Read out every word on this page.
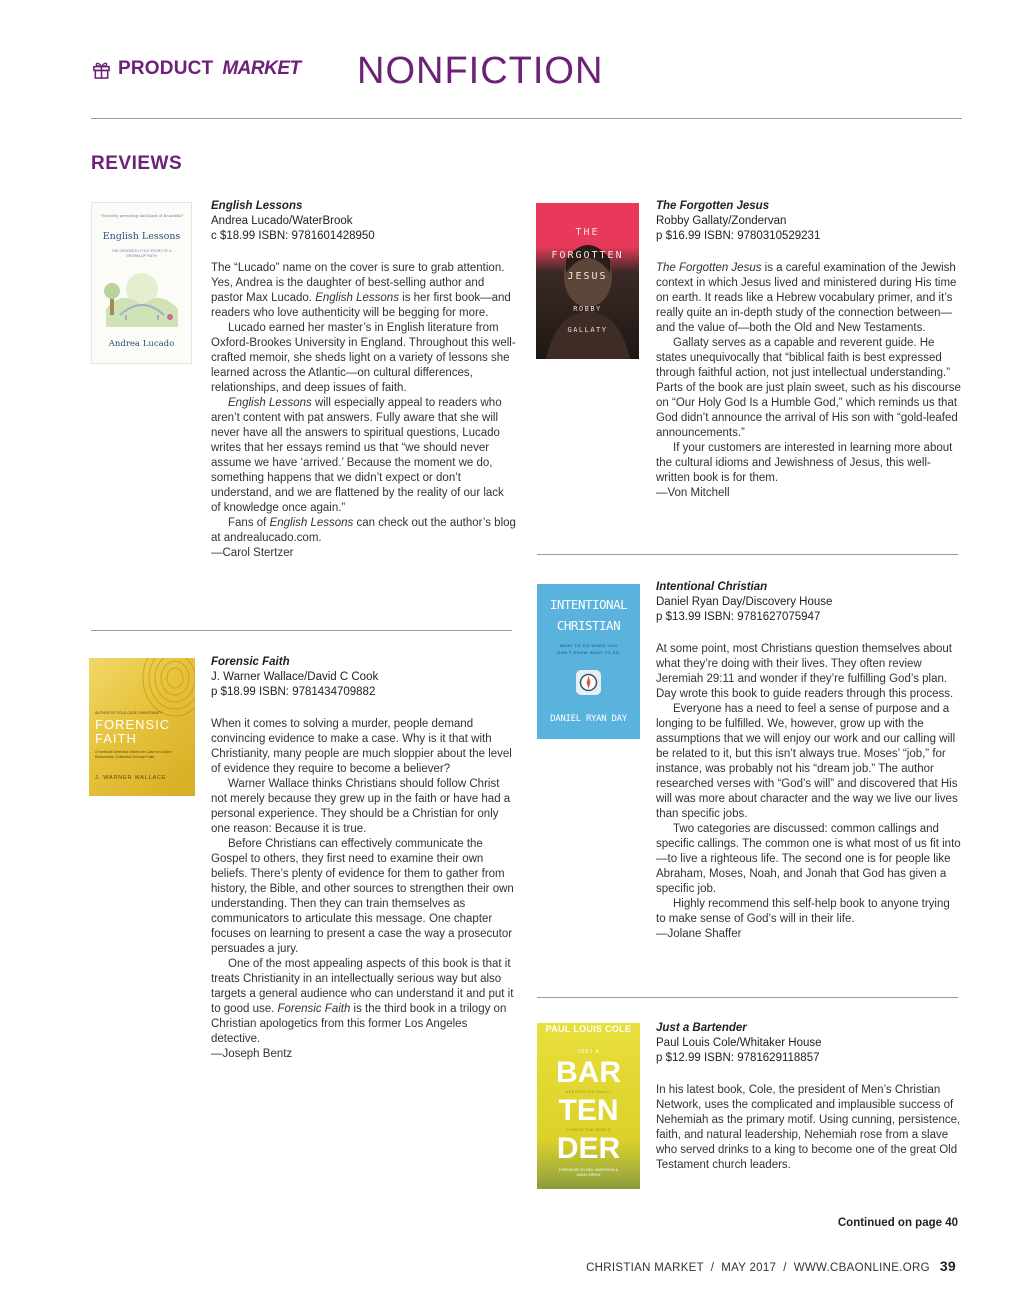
PRODUCT MARKET NONFICTION
REVIEWS
"Sweetly arresting and kind of beautiful"
English Lessons
THE CROOKED LITTLE STORY OF A GROWN-UP FAITH
Andrea Lucado
English Lessons
Andrea Lucado/WaterBrook
c $18.99 ISBN: 9781601428950

The “Lucado” name on the cover is sure to grab attention. Yes, Andrea is the daughter of best-selling author and pastor Max Lucado. English Lessons is her first book—and readers who love authenticity will be begging for more.

Lucado earned her master’s in English literature from Oxford-Brookes University in England. Throughout this well-crafted memoir, she sheds light on a variety of lessons she learned across the Atlantic—on cultural differences, relationships, and deep issues of faith.

English Lessons will especially appeal to readers who aren’t content with pat answers. Fully aware that she will never have all the answers to spiritual questions, Lucado writes that her essays remind us that “we should never assume we have ‘arrived.’ Because the moment we do, something happens that we didn’t expect or don’t understand, and we are flattened by the reality of our lack of knowledge once again.”

Fans of English Lessons can check out the author’s blog at andrealucado.com.

—Carol Stertzer

AUTHOR OF COLD-CASE CHRISTIANITY
FORENSIC
FAITH
A Homicide Detective Makes the Case for a More Reasonable, Evidential Christian Faith
J. WARNER WALLACE
Forensic Faith
J. Warner Wallace/David C Cook
p $18.99 ISBN: 9781434709882

When it comes to solving a murder, people demand convincing evidence to make a case. Why is it that with Christianity, many people are much sloppier about the level of evidence they require to become a believer?

Warner Wallace thinks Christians should follow Christ not merely because they grew up in the faith or have had a personal experience. They should be a Christian for only one reason: Because it is true.

Before Christians can effectively communicate the Gospel to others, they first need to examine their own beliefs. There’s plenty of evidence for them to gather from history, the Bible, and other sources to strengthen their own understanding. Then they can train themselves as communicators to articulate this message. One chapter focuses on learning to present a case the way a prosecutor persuades a jury.

One of the most appealing aspects of this book is that it treats Christianity in an intellectually serious way but also targets a general audience who can understand it and put it to good use. Forensic Faith is the third book in a trilogy on Christian apologetics from this former Los Angeles detective.

—Joseph Bentz

THE
FORGOTTEN
JESUS
ROBBY
GALLATY
The Forgotten Jesus
Robby Gallaty/Zondervan
p $16.99 ISBN: 9780310529231

The Forgotten Jesus is a careful examination of the Jewish context in which Jesus lived and ministered during His time on earth. It reads like a Hebrew vocabulary primer, and it’s really quite an in-depth study of the connection between—and the value of—both the Old and New Testaments.

Gallaty serves as a capable and reverent guide. He states unequivocally that “biblical faith is best expressed through faithful action, not just intellectual understanding.” Parts of the book are just plain sweet, such as his discourse on “Our Holy God Is a Humble God,” which reminds us that God didn’t announce the arrival of His son with “gold-leafed announcements.”

If your customers are interested in learning more about the cultural idioms and Jewishness of Jesus, this well-written book is for them.

—Von Mitchell

INTENTIONAL
CHRISTIAN
WHAT TO DO WHEN YOU
DON'T KNOW WHAT TO DO
DANIEL RYAN DAY
Intentional Christian
Daniel Ryan Day/Discovery House
p $13.99 ISBN: 9781627075947

At some point, most Christians question themselves about what they’re doing with their lives. They often review Jeremiah 29:11 and wonder if they’re fulfilling God’s plan. Day wrote this book to guide readers through this process.

Everyone has a need to feel a sense of purpose and a longing to be fulfilled. We, however, grow up with the assumptions that we will enjoy our work and our calling will be related to it, but this isn’t always true. Moses’ “job,” for instance, was probably not his “dream job.” The author researched verses with “God’s will” and discovered that His will was more about character and the way we live our lives than specific jobs.

Two categories are discussed: common callings and specific callings. The common one is what most of us fit into—to live a righteous life. The second one is for people like Abraham, Moses, Noah, and Jonah that God has given a specific job.

Highly recommend this self-help book to anyone trying to make sense of God’s will in their life.

—Jolane Shaffer

PAUL LOUIS COLE
JUST A
BAR
UNEXPECTED FAMILY
TEN
CHANGE THE WORLD
DER
FOREWORD BY NEIL ANDERSON & DAVID GREEN
Just a Bartender
Paul Louis Cole/Whitaker House
p $12.99 ISBN: 9781629118857

In his latest book, Cole, the president of Men’s Christian Network, uses the complicated and implausible success of Nehemiah as the primary motif. Using cunning, persistence, faith, and natural leadership, Nehemiah rose from a slave who served drinks to a king to become one of the great Old Testament church leaders.

Continued on page 40
CHRISTIAN MARKET  /  MAY 2017  /  WWW.CBAONLINE.ORG 39
